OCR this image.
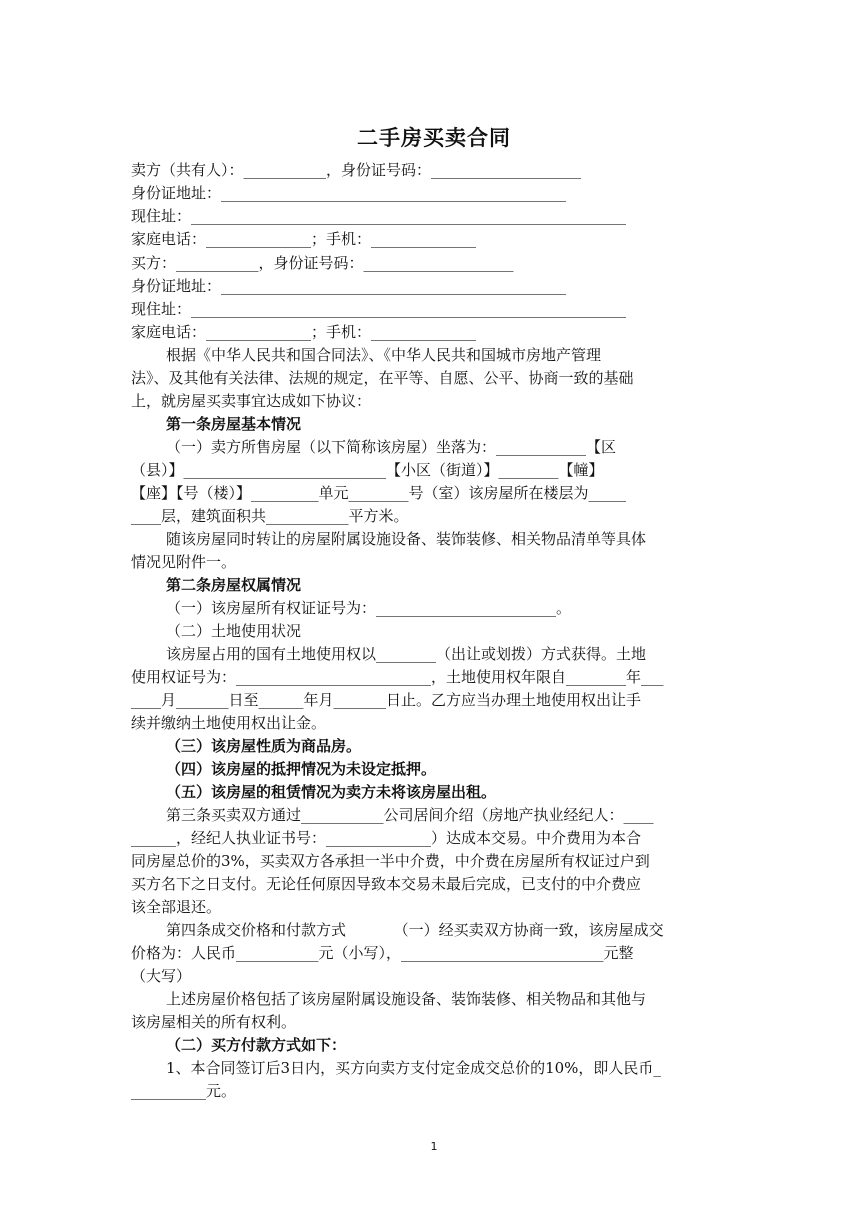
二手房买卖合同
卖方（共有人）：___________，身份证号码：____________________
身份证地址：______________________________________________
现住址：__________________________________________________________
家庭电话：______________；手机：______________
买方：___________，身份证号码：____________________
身份证地址：______________________________________________
现住址：__________________________________________________________
家庭电话：______________；手机：______________
根据《中华人民共和国合同法》、《中华人民共和国城市房地产管理
法》、及其他有关法律、法规的规定，在平等、自愿、公平、协商一致的基础
上，就房屋买卖事宜达成如下协议：
第一条房屋基本情况
（一）卖方所售房屋（以下简称该房屋）坐落为：____________【区
（县）】___________________________【小区（街道）】________【幢】
【座】【号（楼）】_________单元________号（室）该房屋所在楼层为_____
____层，建筑面积共___________平方米。
随该房屋同时转让的房屋附属设施设备、装饰装修、相关物品清单等具体
情况见附件一。
第二条房屋权属情况
（一）该房屋所有权证证号为：________________________。
（二）土地使用状况
该房屋占用的国有土地使用权以________（出让或划拨）方式获得。土地
使用权证号为：__________________________，土地使用权年限自________年___
____月_______日至______年月_______日止。乙方应当办理土地使用权出让手
续并缴纳土地使用权出让金。
（三）该房屋性质为商品房。
（四）该房屋的抵押情况为未设定抵押。
（五）该房屋的租赁情况为卖方未将该房屋出租。
第三条买卖双方通过___________公司居间介绍（房地产执业经纪人：____
______，经纪人执业证书号：______________）达成本交易。中介费用为本合
同房屋总价的3%，买卖双方各承担一半中介费，中介费在房屋所有权证过户到
买方名下之日支付。无论任何原因导致本交易未最后完成，已支付的中介费应
该全部退还。
第四条成交价格和付款方式          （一）经买卖双方协商一致，该房屋成交
价格为：人民币___________元（小写），___________________________元整
（大写）
上述房屋价格包括了该房屋附属设施设备、装饰装修、相关物品和其他与
该房屋相关的所有权利。
（二）买方付款方式如下：
1、本合同签订后3日内，买方向卖方支付定金成交总价的10%，即人民币_
__________元。
1
